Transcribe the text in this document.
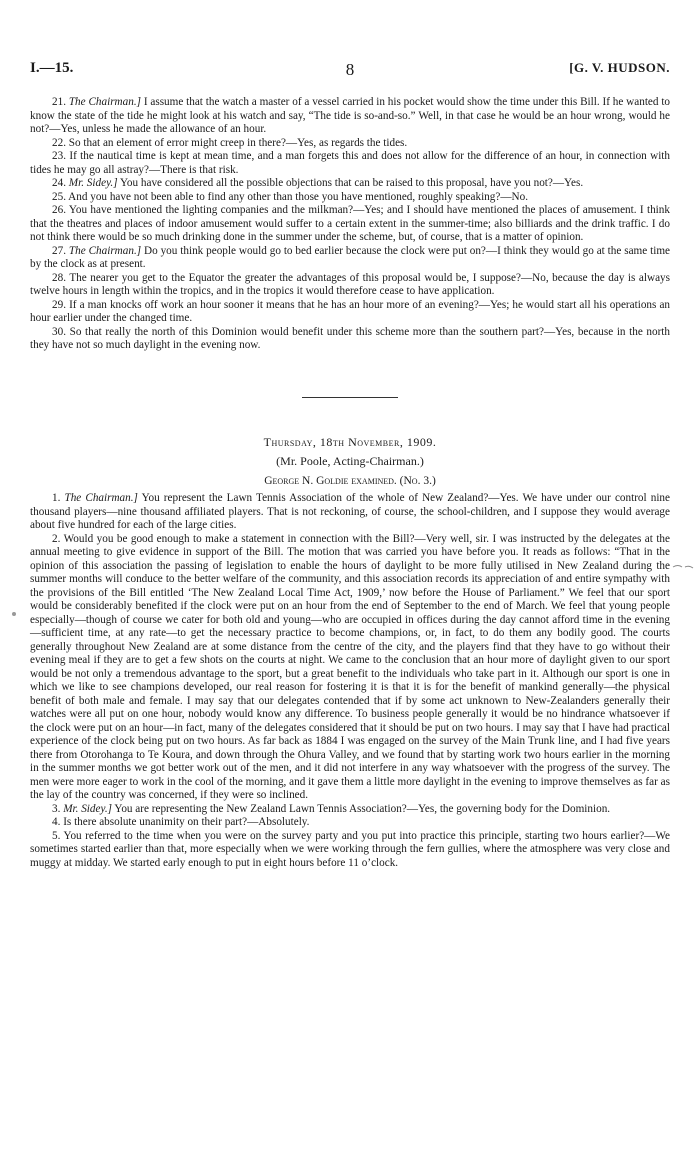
I.—15.	8	[G. V. HUDSON.

21. The Chairman.] I assume that the watch a master of a vessel carried in his pocket would show the time under this Bill. If he wanted to know the state of the tide he might look at his watch and say, “The tide is so-and-so.” Well, in that case he would be an hour wrong, would he not?—Yes, unless he made the allowance of an hour.

22. So that an element of error might creep in there?—Yes, as regards the tides.

23. If the nautical time is kept at mean time, and a man forgets this and does not allow for the difference of an hour, in connection with tides he may go all astray?—There is that risk.

24. Mr. Sidey.] You have considered all the possible objections that can be raised to this proposal, have you not?—Yes.

25. And you have not been able to find any other than those you have mentioned, roughly speaking?—No.

26. You have mentioned the lighting companies and the milkman?—Yes; and I should have mentioned the places of amusement. I think that the theatres and places of indoor amusement would suffer to a certain extent in the summer-time; also billiards and the drink traffic. I do not think there would be so much drinking done in the summer under the scheme, but, of course, that is a matter of opinion.

27. The Chairman.] Do you think people would go to bed earlier because the clock were put on?—I think they would go at the same time by the clock as at present.

28. The nearer you get to the Equator the greater the advantages of this proposal would be, I suppose?—No, because the day is always twelve hours in length within the tropics, and in the tropics it would therefore cease to have application.

29. If a man knocks off work an hour sooner it means that he has an hour more of an evening?—Yes; he would start all his operations an hour earlier under the changed time.

30. So that really the north of this Dominion would benefit under this scheme more than the southern part?—Yes, because in the north they have not so much daylight in the evening now.

Thursday, 18th November, 1909.

(Mr. Poole, Acting-Chairman.)

George N. Goldie examined. (No. 3.)

1. The Chairman.] You represent the Lawn Tennis Association of the whole of New Zealand?—Yes. We have under our control nine thousand players—nine thousand affiliated players. That is not reckoning, of course, the school-children, and I suppose they would average about five hundred for each of the large cities.

2. Would you be good enough to make a statement in connection with the Bill?—Very well, sir. I was instructed by the delegates at the annual meeting to give evidence in support of the Bill. The motion that was carried you have before you. It reads as follows: “That in the opinion of this association the passing of legislation to enable the hours of daylight to be more fully utilised in New Zealand during the summer months will conduce to the better welfare of the community, and this association records its appreciation of and entire sympathy with the provisions of the Bill entitled ‘The New Zealand Local Time Act, 1909,’ now before the House of Parliament.” We feel that our sport would be considerably benefited if the clock were put on an hour from the end of September to the end of March. We feel that young people especially—though of course we cater for both old and young—who are occupied in offices during the day cannot afford time in the evening—sufficient time, at any rate—to get the necessary practice to become champions, or, in fact, to do them any bodily good. The courts generally throughout New Zealand are at some distance from the centre of the city, and the players find that they have to go without their evening meal if they are to get a few shots on the courts at night. We came to the conclusion that an hour more of daylight given to our sport would be not only a tremendous advantage to the sport, but a great benefit to the individuals who take part in it. Although our sport is one in which we like to see champions developed, our real reason for fostering it is that it is for the benefit of mankind generally—the physical benefit of both male and female. I may say that our delegates contended that if by some act unknown to New-Zealanders generally their watches were all put on one hour, nobody would know any difference. To business people generally it would be no hindrance whatsoever if the clock were put on an hour—in fact, many of the delegates considered that it should be put on two hours. I may say that I have had practical experience of the clock being put on two hours. As far back as 1884 I was engaged on the survey of the Main Trunk line, and I had five years there from Otorohanga to Te Koura, and down through the Ohura Valley, and we found that by starting work two hours earlier in the morning in the summer months we got better work out of the men, and it did not interfere in any way whatsoever with the progress of the survey. The men were more eager to work in the cool of the morning, and it gave them a little more daylight in the evening to improve themselves as far as the lay of the country was concerned, if they were so inclined.

3. Mr. Sidey.] You are representing the New Zealand Lawn Tennis Association?—Yes, the governing body for the Dominion.

4. Is there absolute unanimity on their part?—Absolutely.

5. You referred to the time when you were on the survey party and you put into practice this principle, starting two hours earlier?—We sometimes started earlier than that, more especially when we were working through the fern gullies, where the atmosphere was very close and muggy at midday. We started early enough to put in eight hours before 11 o’clock.
